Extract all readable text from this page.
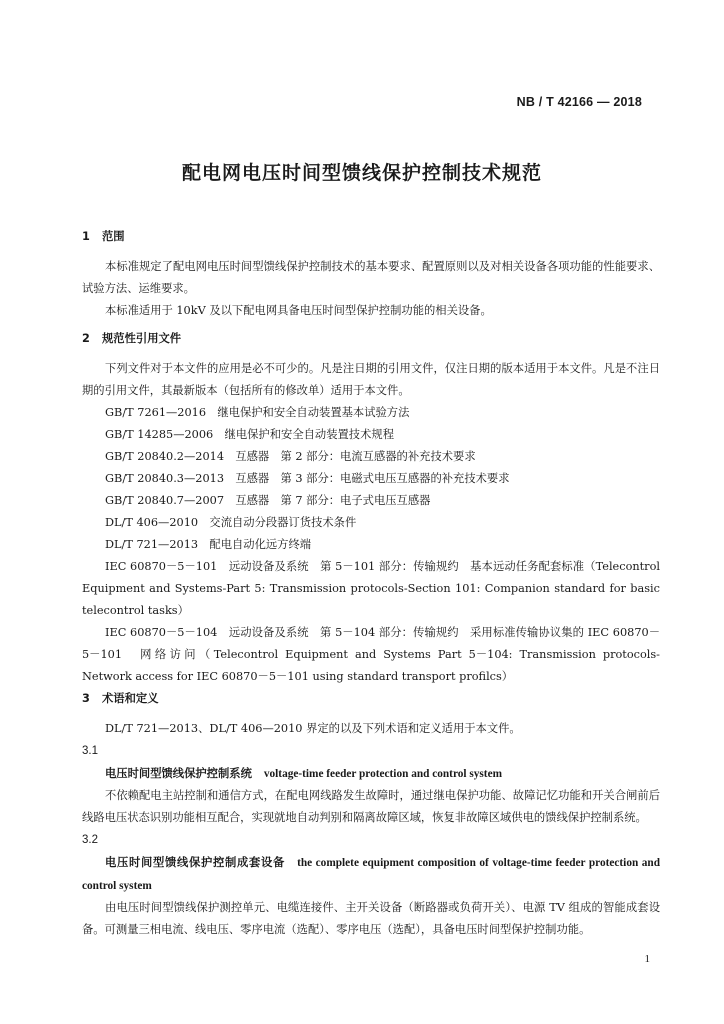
NB / T 42166 — 2018
配电网电压时间型馈线保护控制技术规范

1 范围

本标准规定了配电网电压时间型馈线保护控制技术的基本要求、配置原则以及对相关设备各项功能的性能要求、试验方法、运维要求。

本标准适用于 10kV 及以下配电网具备电压时间型保护控制功能的相关设备。

2 规范性引用文件

下列文件对于本文件的应用是必不可少的。凡是注日期的引用文件，仅注日期的版本适用于本文件。凡是不注日期的引用文件，其最新版本（包括所有的修改单）适用于本文件。

GB/T 7261—2016　继电保护和安全自动装置基本试验方法

GB/T 14285—2006　继电保护和安全自动装置技术规程

GB/T 20840.2—2014　互感器　第 2 部分：电流互感器的补充技术要求

GB/T 20840.3—2013　互感器　第 3 部分：电磁式电压互感器的补充技术要求

GB/T 20840.7—2007　互感器　第 7 部分：电子式电压互感器

DL/T 406—2010　交流自动分段器订货技术条件

DL/T 721—2013　配电自动化远方终端

IEC 60870－5－101　远动设备及系统　第 5－101 部分：传输规约　基本远动任务配套标准（Telecontrol Equipment and Systems-Part 5: Transmission protocols-Section 101: Companion standard for basic telecontrol tasks）

IEC 60870－5－104　远动设备及系统　第 5－104 部分：传输规约　采用标准传输协议集的 IEC 60870－5－101　网络访问（Telecontrol Equipment and Systems Part 5－104: Transmission protocols-Network access for IEC 60870－5－101 using standard transport profilcs）

3 术语和定义

DL/T 721—2013、DL/T 406—2010 界定的以及下列术语和定义适用于本文件。

3.1

电压时间型馈线保护控制系统 voltage-time feeder protection and control system

不依赖配电主站控制和通信方式，在配电网线路发生故障时，通过继电保护功能、故障记忆功能和开关合闸前后线路电压状态识别功能相互配合，实现就地自动判别和隔离故障区域，恢复非故障区域供电的馈线保护控制系统。

3.2

电压时间型馈线保护控制成套设备 the complete equipment composition of voltage-time feeder protection and control system

由电压时间型馈线保护测控单元、电缆连接件、主开关设备（断路器或负荷开关）、电源 TV 组成的智能成套设备。可测量三相电流、线电压、零序电流（选配）、零序电压（选配），具备电压时间型保护控制功能。

1
